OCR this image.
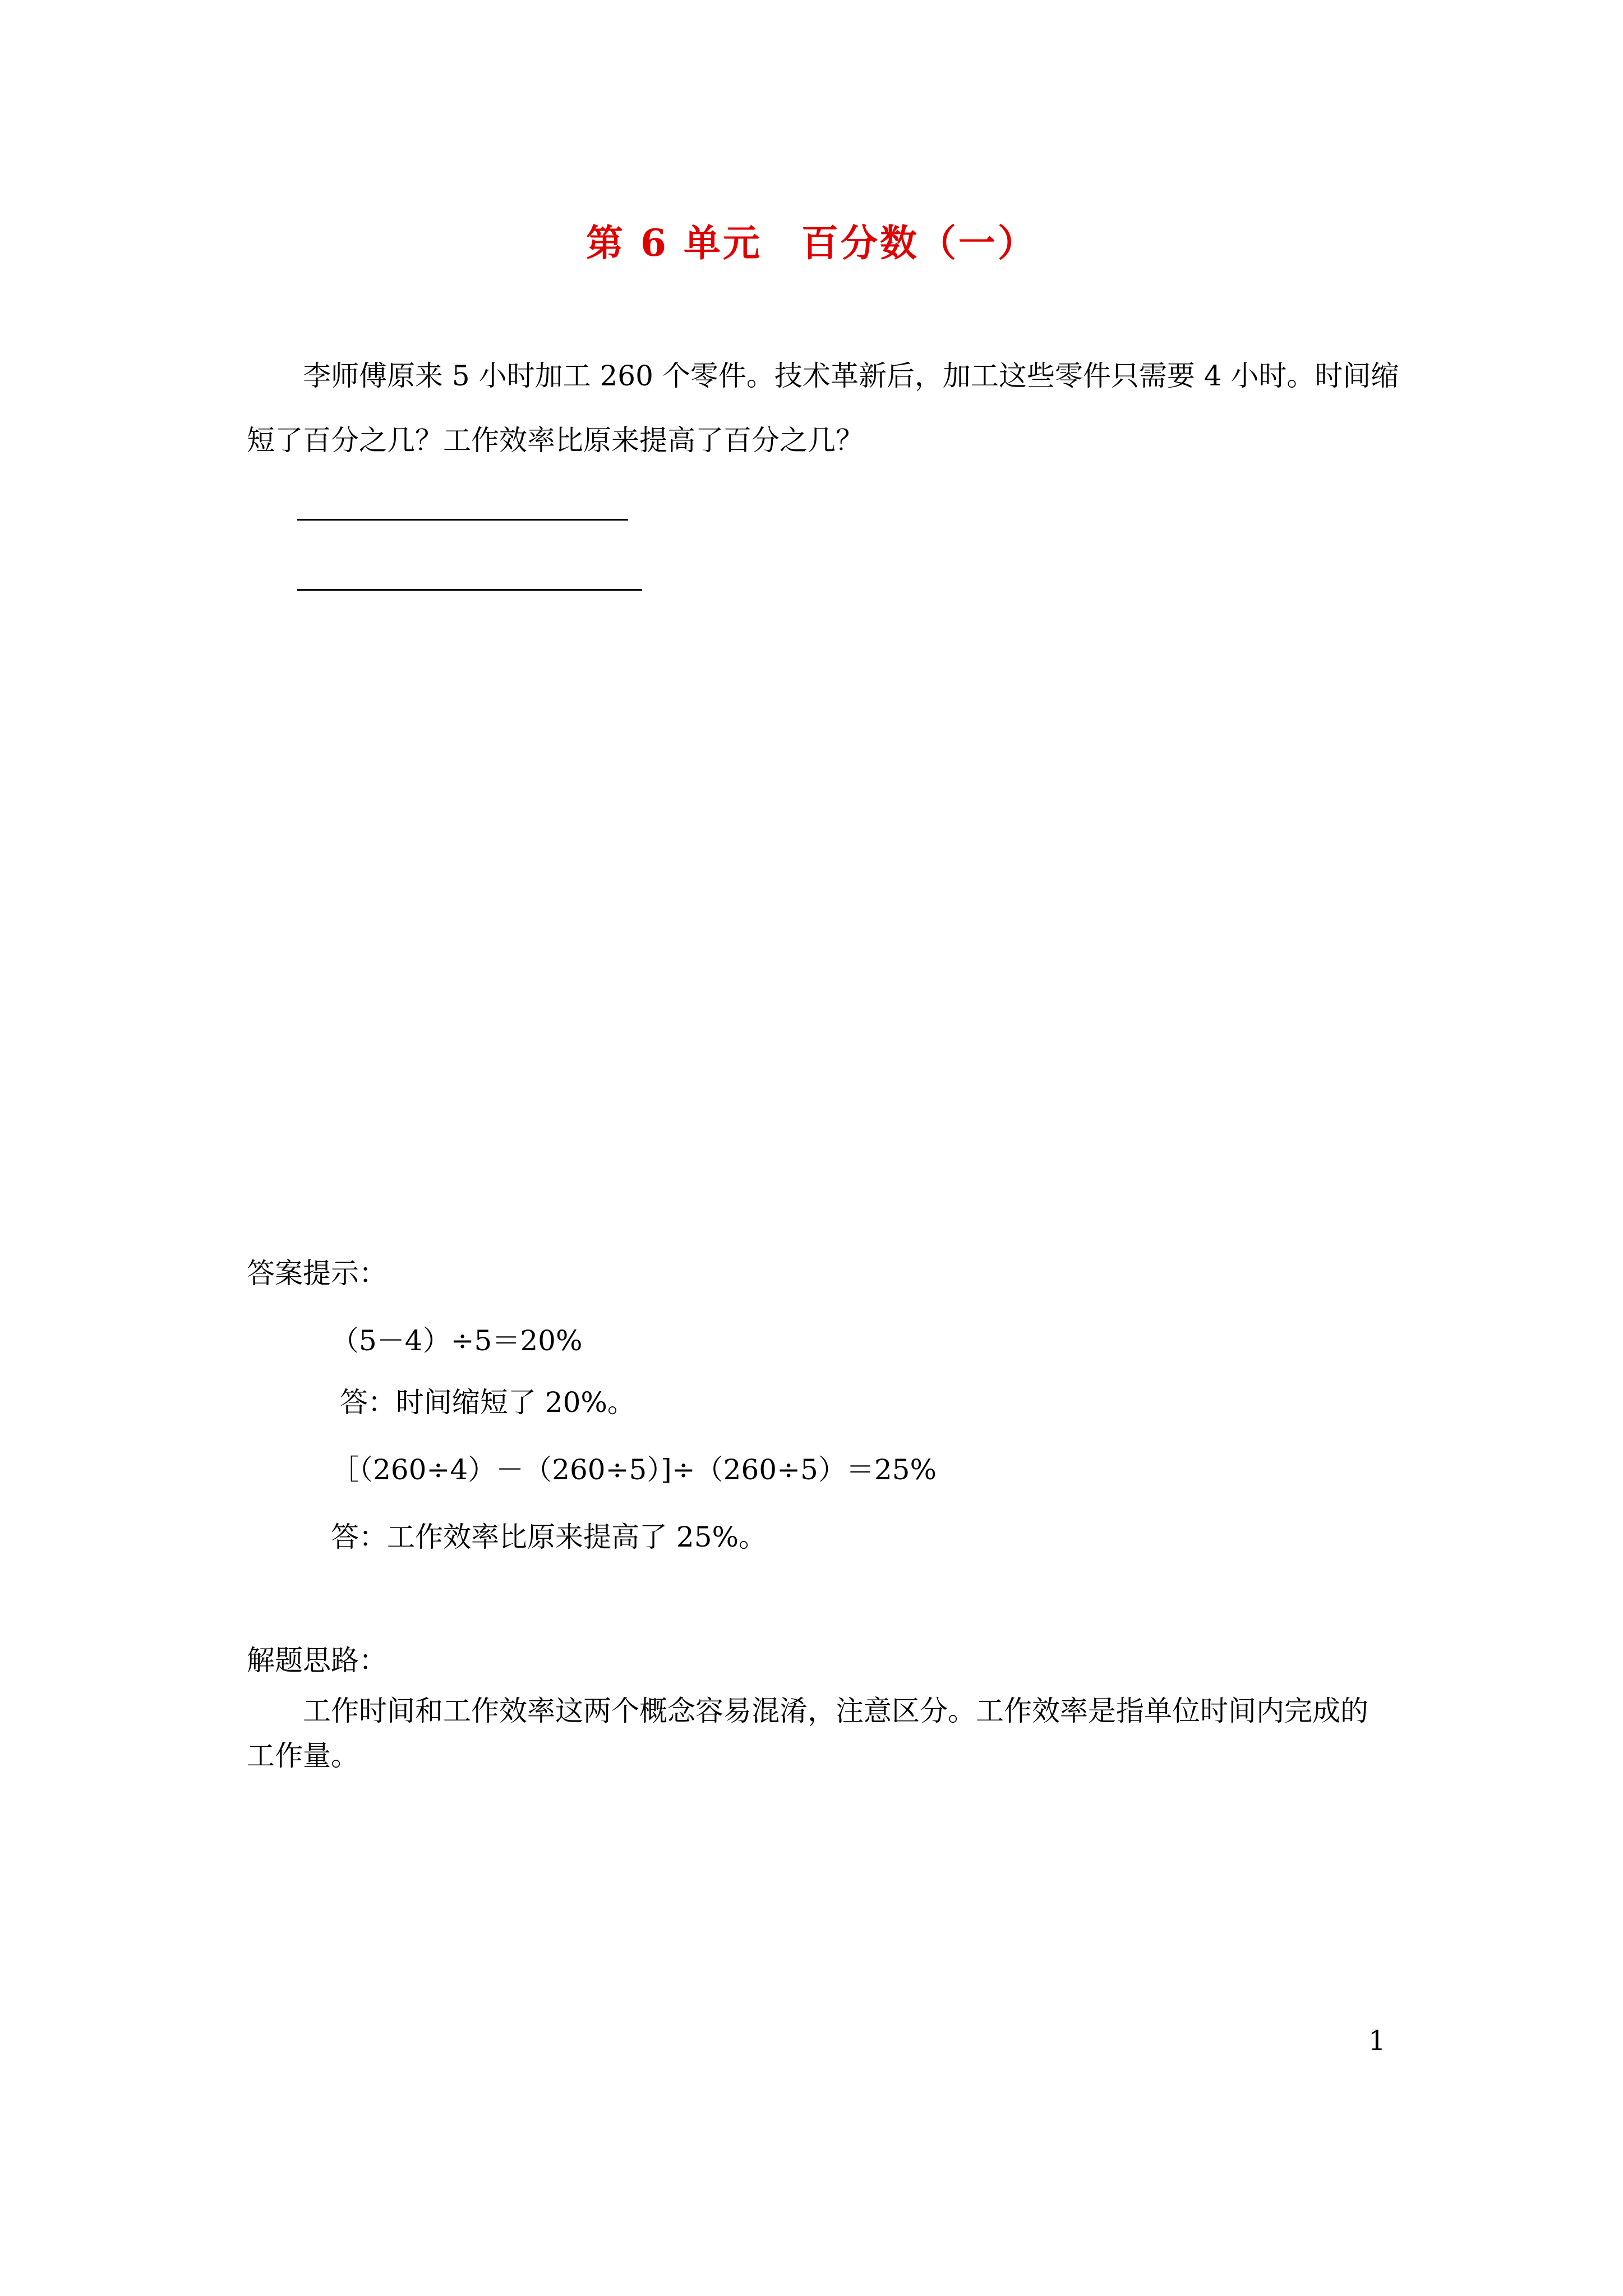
第 6 单元　百分数（一）
李师傅原来 5 小时加工 260 个零件。技术革新后，加工这些零件只需要 4 小时。时间缩
短了百分之几？工作效率比原来提高了百分之几？
答案提示：
（5－4）÷5＝20%
答：时间缩短了 20%。
［（260÷4）－（260÷5）]÷（260÷5）＝25%
答：工作效率比原来提高了 25%。
解题思路：
工作时间和工作效率这两个概念容易混淆，注意区分。工作效率是指单位时间内完成的
工作量。
1
